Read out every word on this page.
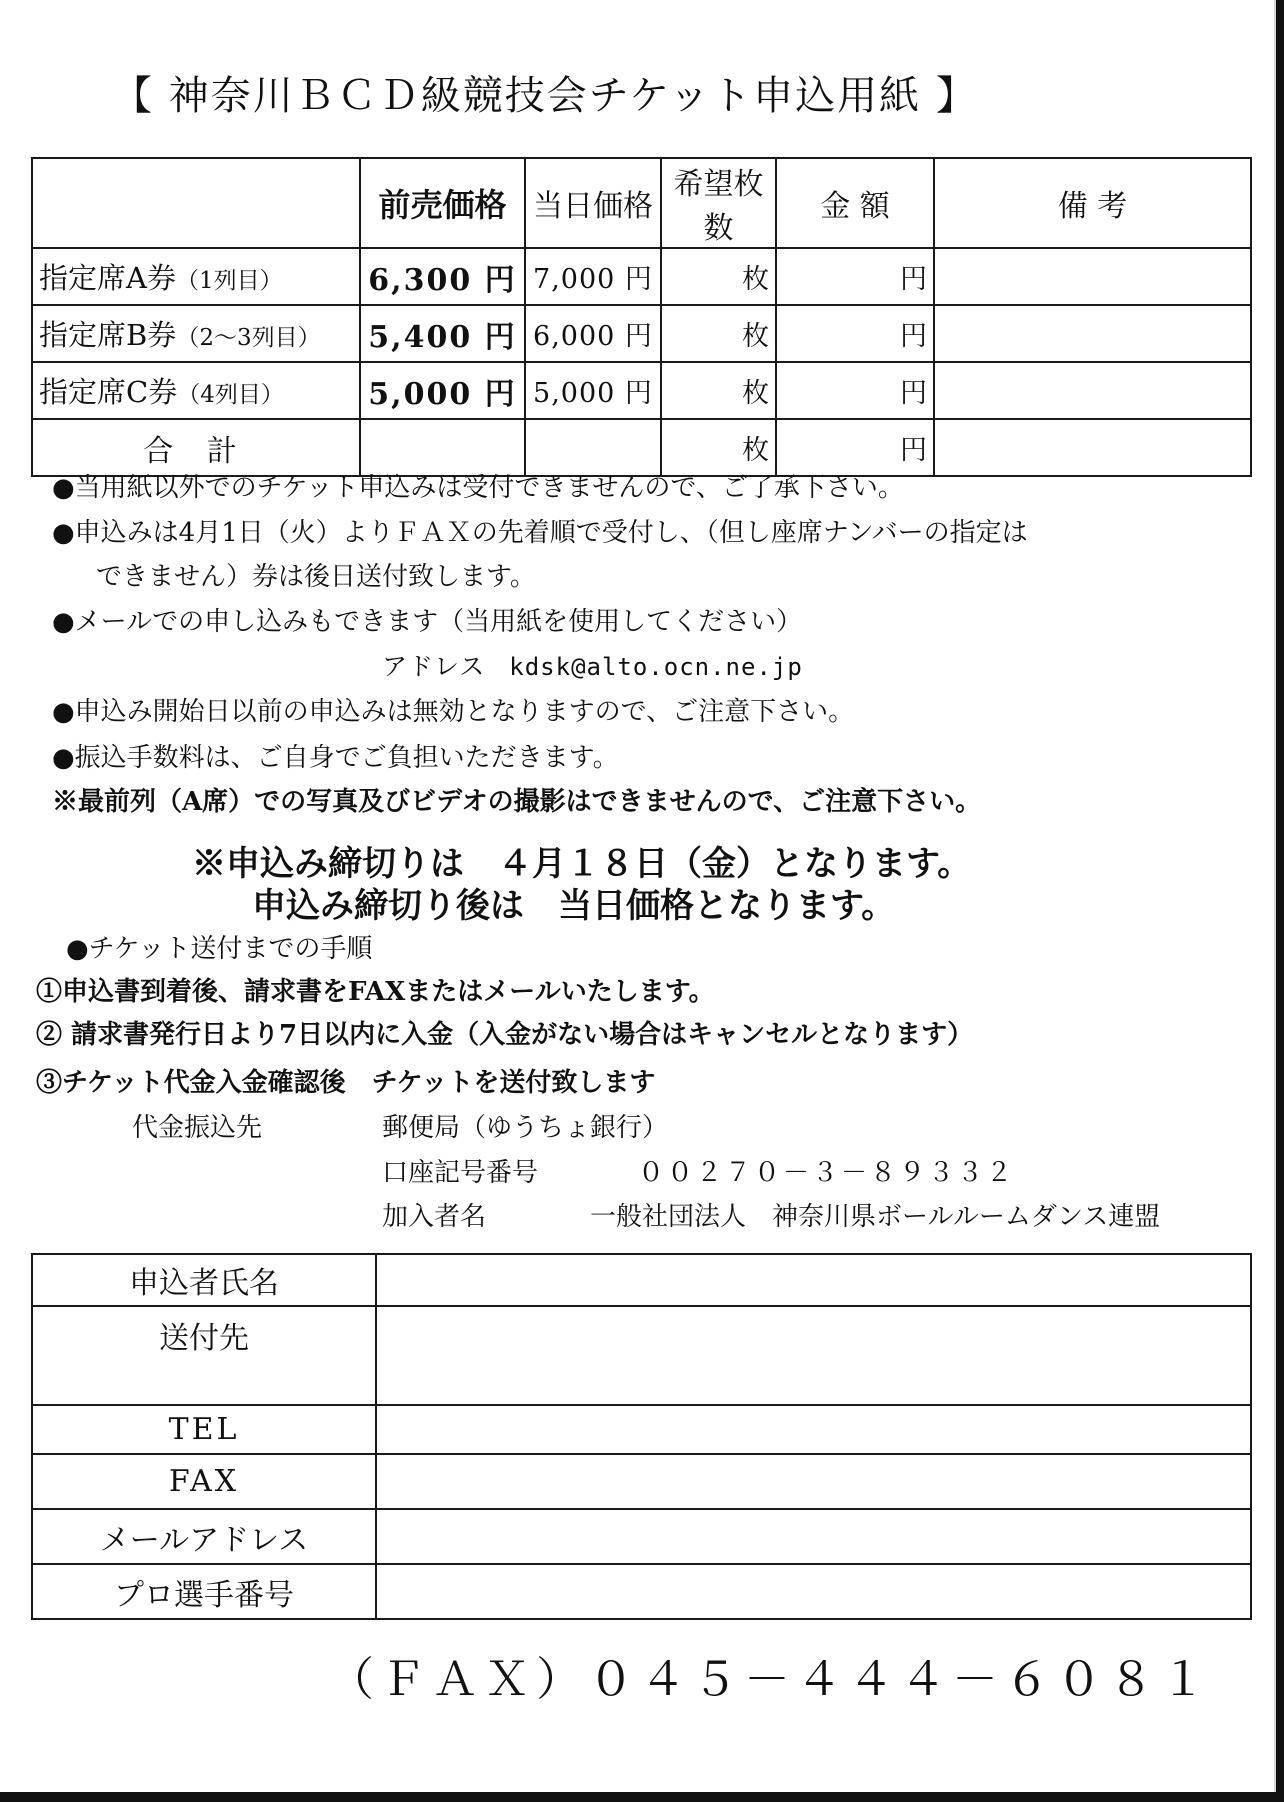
【 神奈川ＢＣＤ級競技会チケット申込用紙 】
	前売価格	当日価格	希望枚数	金 額	備 考
指定席A券（1列目）	6,300 円	7,000 円	枚	円	
指定席B券（2～3列目）	5,400 円	6,000 円	枚	円	
指定席C券（4列目）	5,000 円	5,000 円	枚	円	
合 計			枚	円	
●当用紙以外でのチケット申込みは受付できませんので、ご了承下さい。
●申込みは4月1日（火）よりＦＡＸの先着順で受付し、（但し座席ナンバーの指定は
できません）券は後日送付致します。
●メールでの申し込みもできます（当用紙を使用してください）
アドレス kdsk@alto.ocn.ne.jp
●申込み開始日以前の申込みは無効となりますので、ご注意下さい。
●振込手数料は、ご自身でご負担いただきます。
※最前列（A席）での写真及びビデオの撮影はできませんので、ご注意下さい。
※申込み締切りは　４月１８日（金）となります。
申込み締切り後は　当日価格となります。
●チケット送付までの手順
①申込書到着後、請求書をFAXまたはメールいたします。
② 請求書発行日より7日以内に入金（入金がない場合はキャンセルとなります）
③チケット代金入金確認後　チケットを送付致します
代金振込先	郵便局（ゆうちょ銀行）
口座記号番号	００２７０－３－８９３３２
加入者名	一般社団法人　神奈川県ボールルームダンス連盟
申込者氏名	
送付先	
TEL	
FAX	
メールアドレス	
プロ選手番号	
（ＦＡＸ）０４５－４４４－６０８１
